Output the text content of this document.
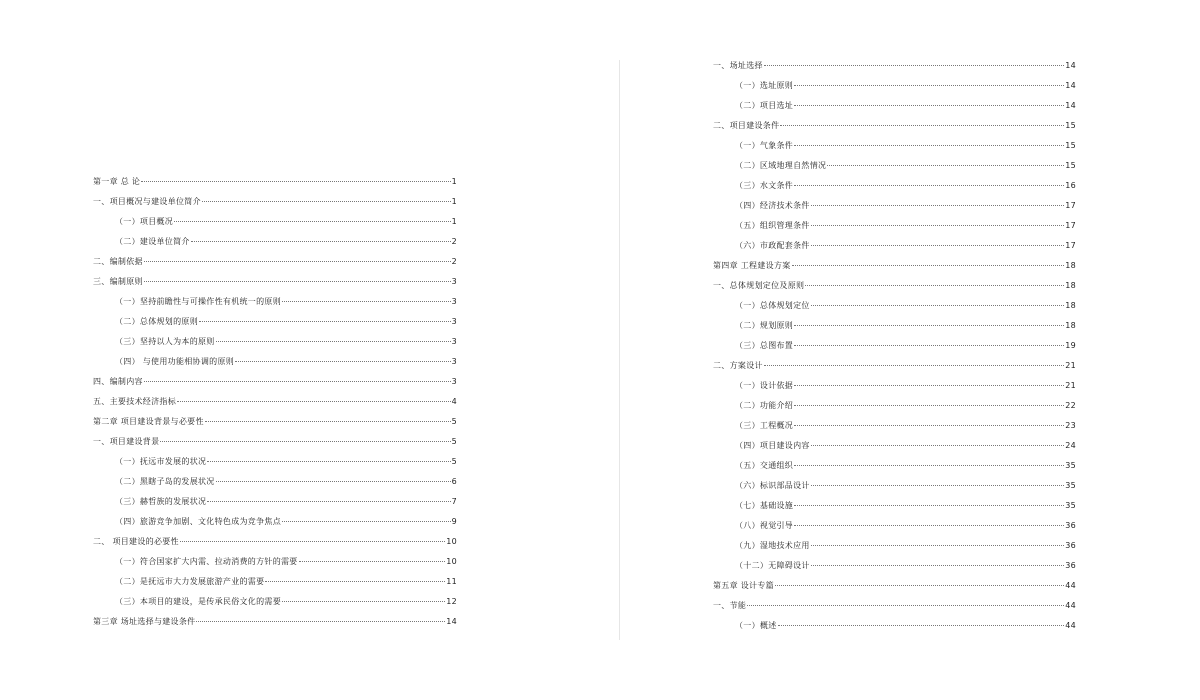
第一章 总 论	1
一、项目概况与建设单位简介	1
（一）项目概况	1
（二）建设单位简介	2
二、编制依据	2
三、编制原则	3
（一）坚持前瞻性与可操作性有机统一的原则	3
（二）总体规划的原则	3
（三）坚持以人为本的原则	3
（四） 与使用功能相协调的原则	3
四、编制内容	3
五、主要技术经济指标	4
第二章 项目建设背景与必要性	5
一、项目建设背景	5
（一）抚远市发展的状况	5
（二）黑瞎子岛的发展状况	6
（三）赫哲族的发展状况	7
（四）旅游竞争加剧、文化特色成为竞争焦点	9
二、 项目建设的必要性	10
（一）符合国家扩大内需、拉动消费的方针的需要	10
（二）是抚远市大力发展旅游产业的需要	11
（三）本项目的建设，是传承民俗文化的需要	12
第三章 场址选择与建设条件	14
一、场址选择	14
（一）选址原则	14
（二）项目选址	14
二、项目建设条件	15
（一）气象条件	15
（二）区域地理自然情况	15
（三）水文条件	16
（四）经济技术条件	17
（五）组织管理条件	17
（六）市政配套条件	17
第四章 工程建设方案	18
一、总体规划定位及原则	18
（一）总体规划定位	18
（二）规划原则	18
（三）总图布置	19
二、方案设计	21
（一）设计依据	21
（二）功能介绍	22
（三）工程概况	23
（四）项目建设内容	24
（五）交通组织	35
（六）标识部品设计	35
（七）基础设施	35
（八）视觉引导	36
（九）湿地技术应用	36
（十二）无障碍设计	36
第五章 设计专篇	44
一、节能	44
（一）概述	44
